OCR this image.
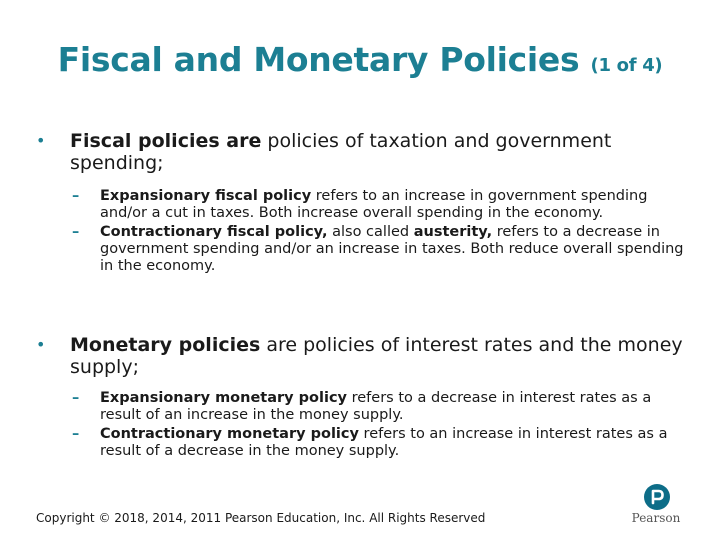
Fiscal and Monetary Policies (1 of 4)
• Fiscal policies are policies of taxation and government spending;
– Expansionary fiscal policy refers to an increase in government spending and/or a cut in taxes. Both increase overall spending in the economy.
– Contractionary fiscal policy, also called austerity, refers to a decrease in government spending and/or an increase in taxes. Both reduce overall spending in the economy.
• Monetary policies are policies of interest rates and the money supply;
– Expansionary monetary policy refers to a decrease in interest rates as a result of an increase in the money supply.
– Contractionary monetary policy refers to an increase in interest rates as a result of a decrease in the money supply.
Copyright © 2018, 2014, 2011 Pearson Education, Inc. All Rights Reserved	Pearson
